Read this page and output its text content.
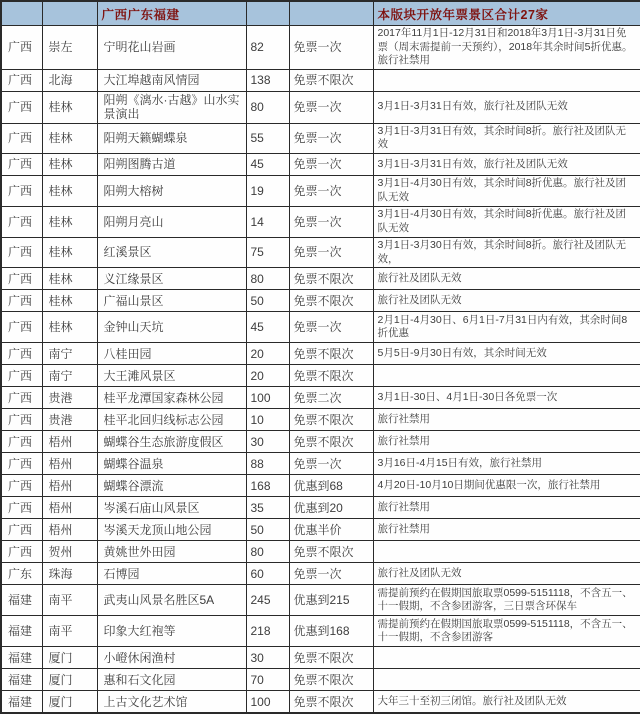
		广西广东福建			本版块开放年票景区合计27家
广西	崇左	宁明花山岩画	82	免票一次	2017年11月1日-12月31日和2018年3月1日-3月31日免票（周末需提前一天预约），2018年其余时间5折优惠。旅行社禁用
广西	北海	大江埠越南风情园	138	免票不限次	
广西	桂林	阳朔《漓水·古越》山水实景演出	80	免票一次	3月1日-3月31日有效，旅行社及团队无效
广西	桂林	阳朔天籁蝴蝶泉	55	免票一次	3月1日-3月31日有效，其余时间8折。旅行社及团队无效
广西	桂林	阳朔图腾古道	45	免票一次	3月1日-3月31日有效，旅行社及团队无效
广西	桂林	阳朔大榕树	19	免票一次	3月1日-4月30日有效，其余时间8折优惠。旅行社及团队无效
广西	桂林	阳朔月亮山	14	免票一次	3月1日-4月30日有效，其余时间8折优惠。旅行社及团队无效
广西	桂林	红溪景区	75	免票一次	3月1日-3月30日有效，其余时间8折。旅行社及团队无效，
广西	桂林	义江缘景区	80	免票不限次	旅行社及团队无效
广西	桂林	广福山景区	50	免票不限次	旅行社及团队无效
广西	桂林	金钟山天坑	45	免票一次	2月1日-4月30日、6月1日-7月31日内有效，其余时间8折优惠
广西	南宁	八桂田园	20	免票不限次	5月5日-9月30日有效，其余时间无效
广西	南宁	大王滩风景区	20	免票不限次	
广西	贵港	桂平龙潭国家森林公园	100	免票二次	3月1日-30日、4月1日-30日各免票一次
广西	贵港	桂平北回归线标志公园	10	免票不限次	旅行社禁用
广西	梧州	蝴蝶谷生态旅游度假区	30	免票不限次	旅行社禁用
广西	梧州	蝴蝶谷温泉	88	免票一次	3月16日-4月15日有效，旅行社禁用
广西	梧州	蝴蝶谷漂流	168	优惠到68	4月20日-10月10日期间优惠限一次，旅行社禁用
广西	梧州	岑溪石庙山风景区	35	优惠到20	旅行社禁用
广西	梧州	岑溪天龙顶山地公园	50	优惠半价	旅行社禁用
广西	贺州	黄姚世外田园	80	免票不限次	
广东	珠海	石博园	60	免票一次	旅行社及团队无效
福建	南平	武夷山风景名胜区5A	245	优惠到215	需提前预约在假期国旅取票0599-5151118，不含五一、十一假期，不含参团游客，三日票含环保车
福建	南平	印象大红袍等	218	优惠到168	需提前预约在假期国旅取票0599-5151118，不含五一、十一假期，不含参团游客
福建	厦门	小嶝休闲渔村	30	免票不限次	
福建	厦门	惠和石文化园	70	免票不限次	
福建	厦门	上古文化艺术馆	100	免票不限次	大年三十至初三闭馆。旅行社及团队无效
